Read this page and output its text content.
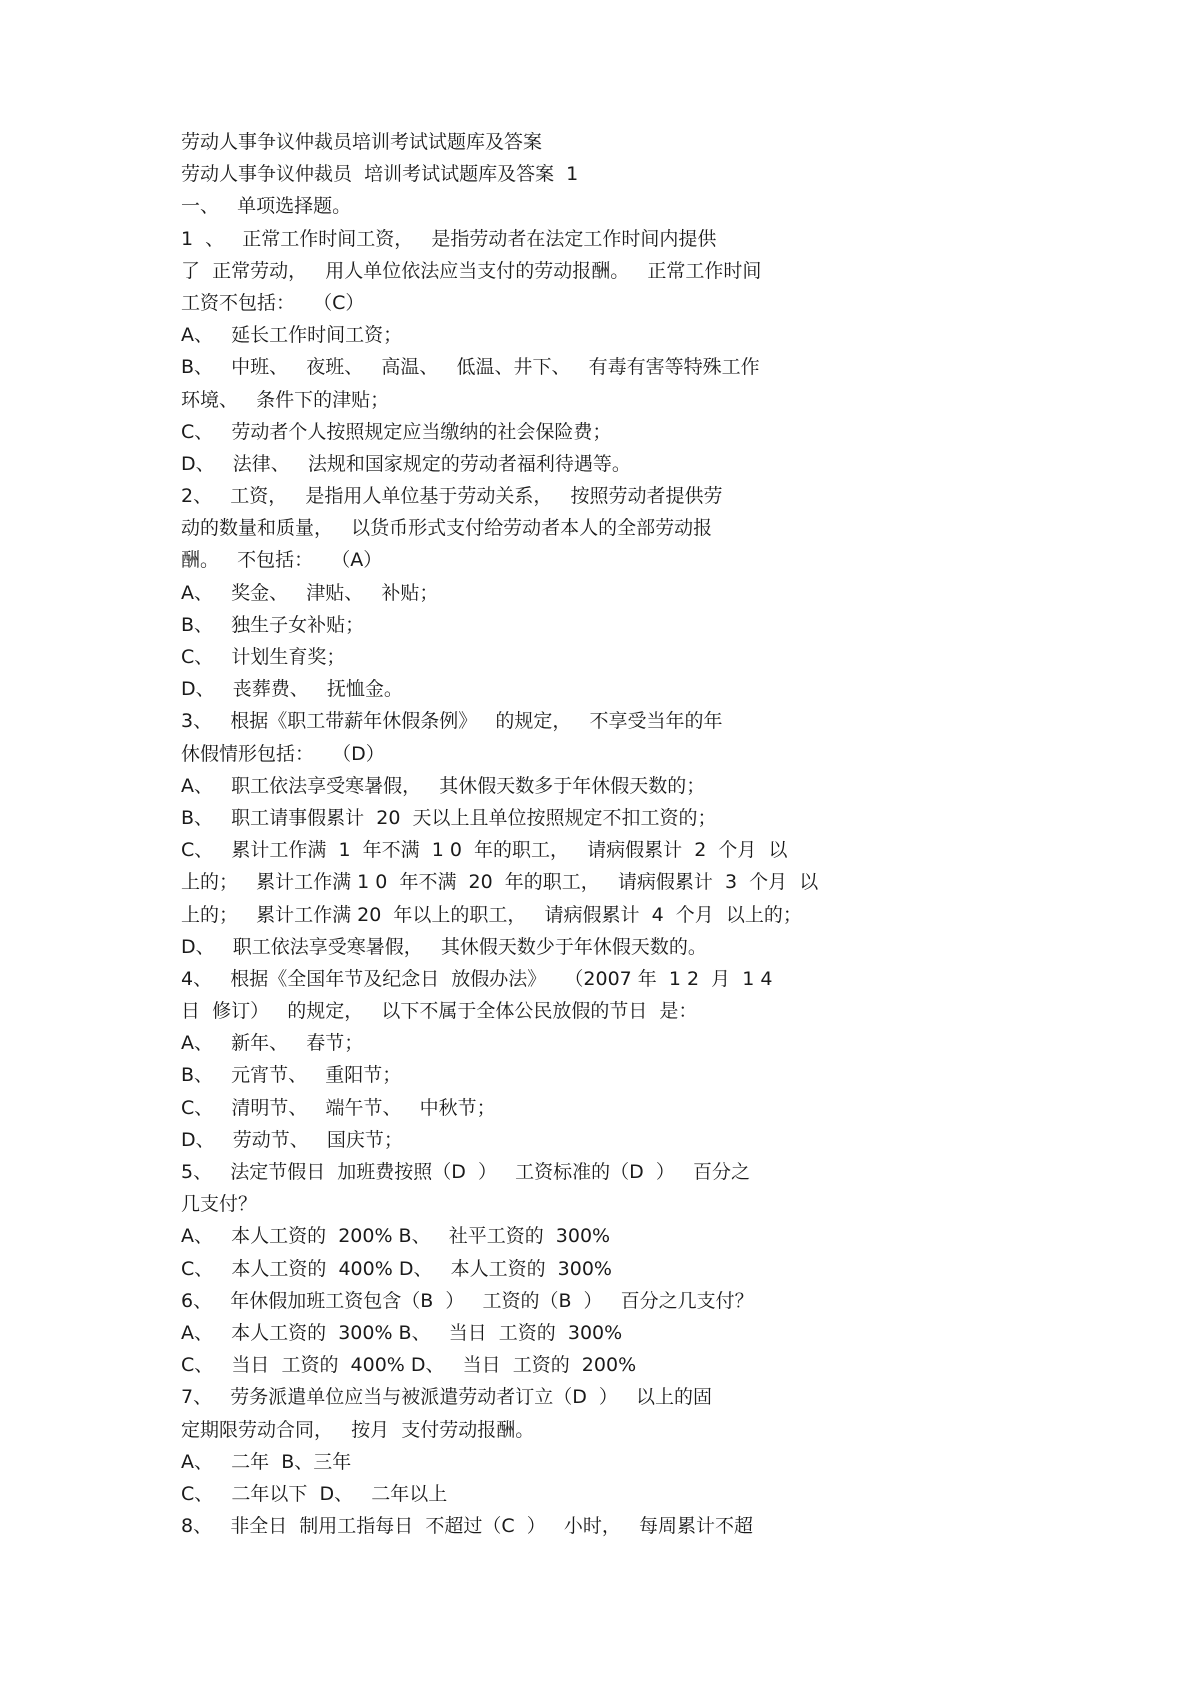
劳动人事争议仲裁员培训考试试题库及答案
劳动人事争议仲裁员  培训考试试题库及答案  1
一、   单项选择题。
1  、   正常工作时间工资，   是指劳动者在法定工作时间内提供
了  正常劳动，   用人单位依法应当支付的劳动报酬。   正常工作时间
工资不包括：   （C）
A、   延长工作时间工资；
B、   中班、   夜班、   高温、   低温、井下、   有毒有害等特殊工作
环境、   条件下的津贴；
C、   劳动者个人按照规定应当缴纳的社会保险费；
D、   法律、   法规和国家规定的劳动者福利待遇等。
2、   工资，   是指用人单位基于劳动关系，   按照劳动者提供劳
动的数量和质量，   以货币形式支付给劳动者本人的全部劳动报
酬。   不包括：   （A）
A、   奖金、   津贴、   补贴；
B、   独生子女补贴；
C、   计划生育奖；
D、   丧葬费、   抚恤金。
3、   根据《职工带薪年休假条例》   的规定，   不享受当年的年
休假情形包括：   （D）
A、   职工依法享受寒暑假，   其休假天数多于年休假天数的；
B、   职工请事假累计  20  天以上且单位按照规定不扣工资的；
C、   累计工作满  1  年不满  1 0  年的职工，   请病假累计  2  个月  以
上的；   累计工作满 1 0  年不满  20  年的职工，   请病假累计  3  个月  以
上的；   累计工作满 20  年以上的职工，   请病假累计  4  个月  以上的；
D、   职工依法享受寒暑假，   其休假天数少于年休假天数的。
4、   根据《全国年节及纪念日  放假办法》   （2007 年  1 2  月  1 4
日  修订）   的规定，   以下不属于全体公民放假的节日  是：
A、   新年、   春节；
B、   元宵节、   重阳节；
C、   清明节、   端午节、   中秋节；
D、   劳动节、   国庆节；
5、   法定节假日  加班费按照（D  ）   工资标准的（D  ）   百分之
几支付？
A、   本人工资的  200% B、   社平工资的  300%
C、   本人工资的  400% D、   本人工资的  300%
6、   年休假加班工资包含（B  ）   工资的（B  ）   百分之几支付？
A、   本人工资的  300% B、   当日  工资的  300%
C、   当日  工资的  400% D、   当日  工资的  200%
7、   劳务派遣单位应当与被派遣劳动者订立（D  ）   以上的固
定期限劳动合同，   按月  支付劳动报酬。
A、   二年  B、三年
C、   二年以下  D、   二年以上
8、   非全日  制用工指每日  不超过（C  ）   小时，   每周累计不超
